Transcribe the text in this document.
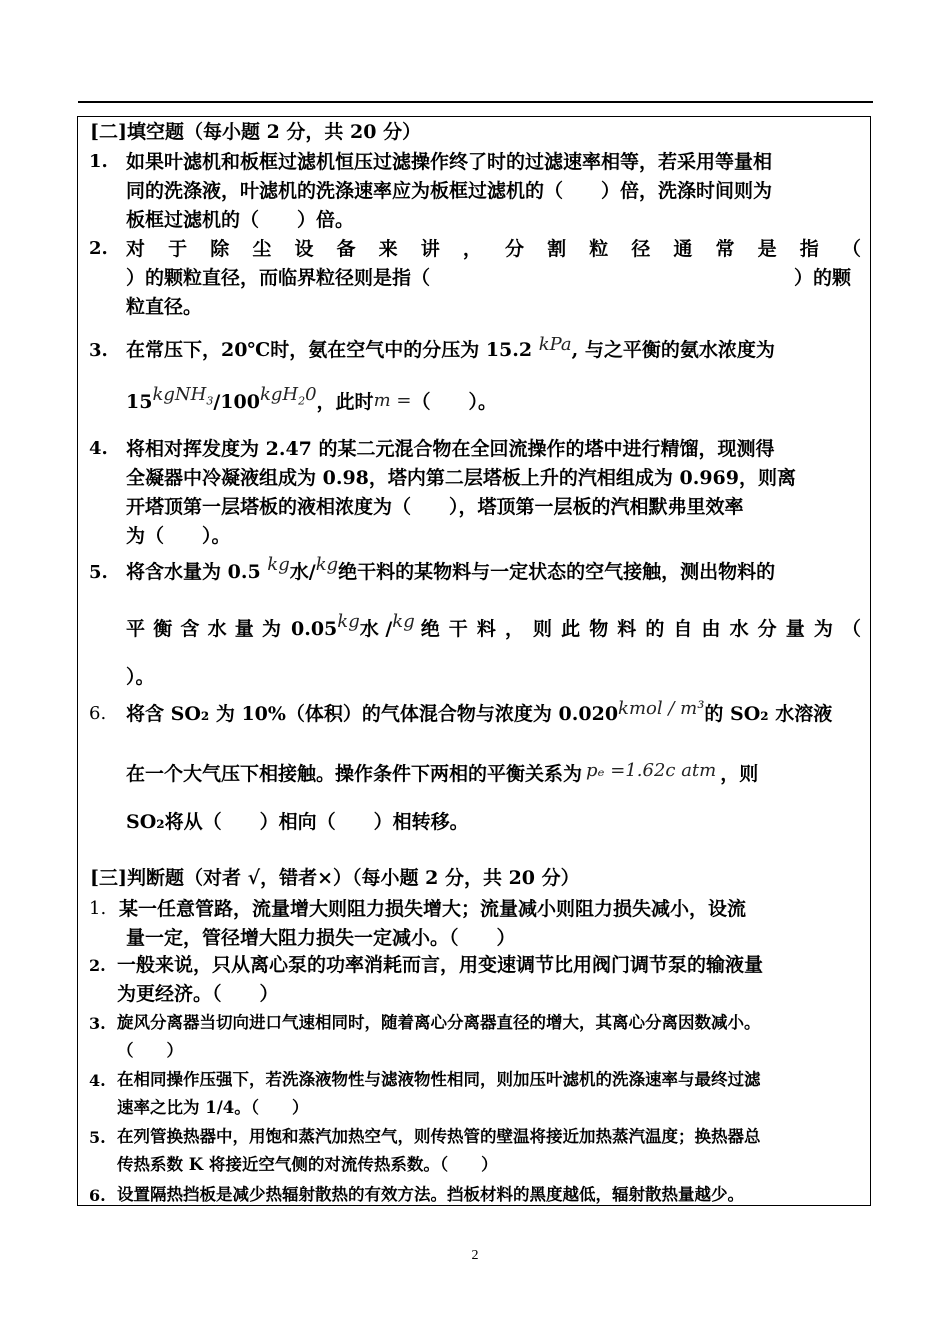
[二]填空题（每小题 2 分，共 20 分）
1. 如果叶滤机和板框过滤机恒压过滤操作终了时的过滤速率相等，若采用等量相
同的洗涤液，叶滤机的洗涤速率应为板框过滤机的（　　）倍，洗涤时间则为
板框过滤机的（　　）倍。
2. 对 于 除 尘 设 备 来 讲 ， 分 割 粒 径 通 常 是 指 （
）的颗粒直径，而临界粒径则是指（	）的颗
粒直径。
3. 在常压下，20℃时，氨在空气中的分压为 15.2 kPa, 与之平衡的氨水浓度为
15kgNH$_3$/100kgH$_2$0，此时m =（　　）。
4. 将相对挥发度为 2.47 的某二元混合物在全回流操作的塔中进行精馏，现测得
全凝器中冷凝液组成为 0.98，塔内第二层塔板上升的汽相组成为 0.969，则离
开塔顶第一层塔板的液相浓度为（　　），塔顶第一层板的汽相默弗里效率
为（　　）。
5. 将含水量为 0.5 kg水/kg绝干料的某物料与一定状态的空气接触，测出物料的
平 衡 含 水 量 为 0.05 kg 水 / kg 绝 干 料 ， 则 此 物 料 的 自 由 水 分 量 为 （
）。
6. 将含 SO₂ 为 10%（体积）的气体混合物与浓度为 0.020kmol / m³的 SO₂ 水溶液
在一个大气压下相接触。操作条件下两相的平衡关系为 pₑ =1.62c atm ，则
SO₂将从（　　）相向（　　）相转移。
[三]判断题（对者 √，错者×）（每小题 2 分，共 20 分）
1. 某一任意管路，流量增大则阻力损失增大；流量减小则阻力损失减小，设流
量一定，管径增大阻力损失一定减小。（　　）
2. 一般来说，只从离心泵的功率消耗而言，用变速调节比用阀门调节泵的输液量
为更经济。（　　）
3. 旋风分离器当切向进口气速相同时，随着离心分离器直径的增大，其离心分离因数减小。
（　　）
4. 在相同操作压强下，若洗涤液物性与滤液物性相同，则加压叶滤机的洗涤速率与最终过滤
速率之比为 1/4。（　　）
5. 在列管换热器中，用饱和蒸汽加热空气，则传热管的壁温将接近加热蒸汽温度；换热器总
传热系数 K 将接近空气侧的对流传热系数。（　　）
6. 设置隔热挡板是减少热辐射散热的有效方法。挡板材料的黑度越低，辐射散热量越少。
2
